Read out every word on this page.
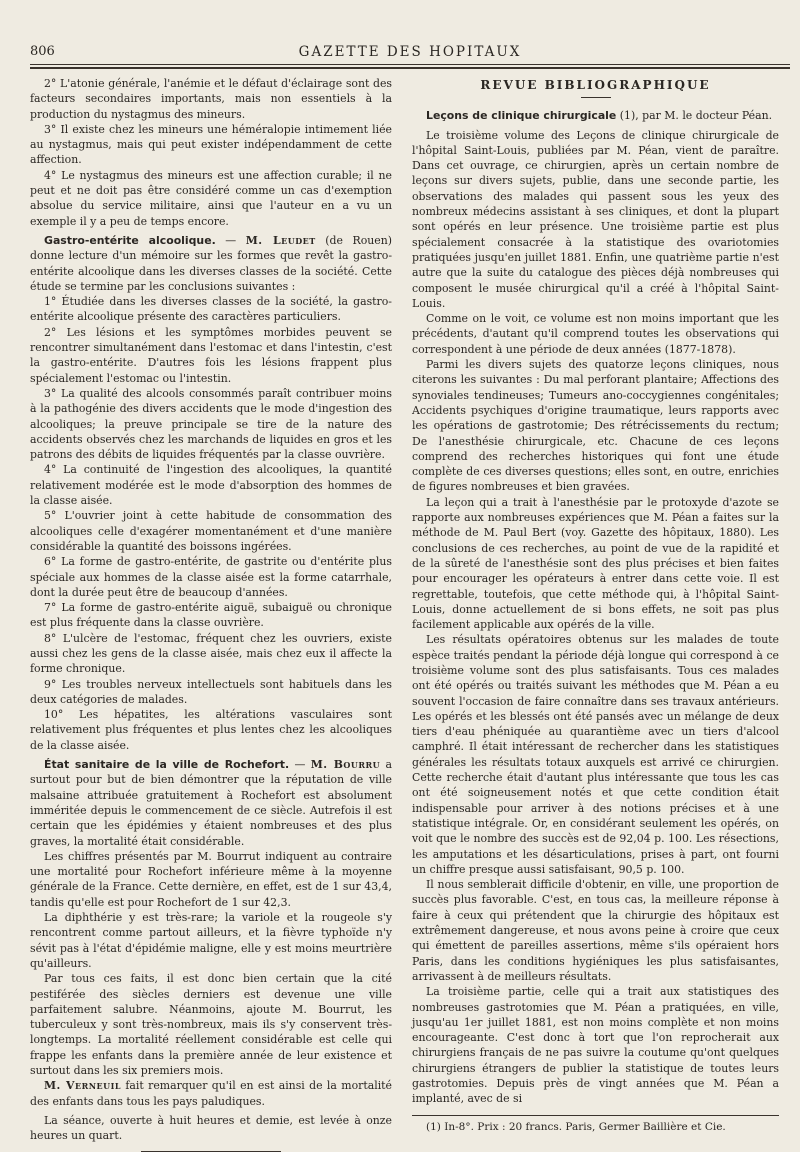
806	GAZETTE DES HOPITAUX

2° L'atonie générale, l'anémie et le défaut d'éclairage sont des facteurs secondaires importants, mais non essentiels à la production du nystagmus des mineurs.

3° Il existe chez les mineurs une héméralopie intimement liée au nystagmus, mais qui peut exister indépendamment de cette affection.

4° Le nystagmus des mineurs est une affection curable; il ne peut et ne doit pas être considéré comme un cas d'exemption absolue du service militaire, ainsi que l'auteur en a vu un exemple il y a peu de temps encore.

Gastro-entérite alcoolique. — M. Leudet (de Rouen) donne lecture d'un mémoire sur les formes que revêt la gastro-entérite alcoolique dans les diverses classes de la société. Cette étude se termine par les conclusions suivantes :

1° Étudiée dans les diverses classes de la société, la gastro-entérite alcoolique présente des caractères particuliers.

2° Les lésions et les symptômes morbides peuvent se rencontrer simultanément dans l'estomac et dans l'intestin, c'est la gastro-entérite. D'autres fois les lésions frappent plus spécialement l'estomac ou l'intestin.

3° La qualité des alcools consommés paraît contribuer moins à la pathogénie des divers accidents que le mode d'ingestion des alcooliques; la preuve principale se tire de la nature des accidents observés chez les marchands de liquides en gros et les patrons des débits de liquides fréquentés par la classe ouvrière.

4° La continuité de l'ingestion des alcooliques, la quantité relativement modérée est le mode d'absorption des hommes de la classe aisée.

5° L'ouvrier joint à cette habitude de consommation des alcooliques celle d'exagérer momentanément et d'une manière considérable la quantité des boissons ingérées.

6° La forme de gastro-entérite, de gastrite ou d'entérite plus spéciale aux hommes de la classe aisée est la forme catarrhale, dont la durée peut être de beaucoup d'années.

7° La forme de gastro-entérite aiguë, subaiguë ou chronique est plus fréquente dans la classe ouvrière.

8° L'ulcère de l'estomac, fréquent chez les ouvriers, existe aussi chez les gens de la classe aisée, mais chez eux il affecte la forme chronique.

9° Les troubles nerveux intellectuels sont habituels dans les deux catégories de malades.

10° Les hépatites, les altérations vasculaires sont relativement plus fréquentes et plus lentes chez les alcooliques de la classe aisée.

État sanitaire de la ville de Rochefort. — M. Bourru a surtout pour but de bien démontrer que la réputation de ville malsaine attribuée gratuitement à Rochefort est absolument imméritée depuis le commencement de ce siècle. Autrefois il est certain que les épidémies y étaient nombreuses et des plus graves, la mortalité était considérable.

Les chiffres présentés par M. Bourrut indiquent au contraire une mortalité pour Rochefort inférieure même à la moyenne générale de la France. Cette dernière, en effet, est de 1 sur 43,4, tandis qu'elle est pour Rochefort de 1 sur 42,3.

La diphthérie y est très-rare; la variole et la rougeole s'y rencontrent comme partout ailleurs, et la fièvre typhoïde n'y sévit pas à l'état d'épidémie maligne, elle y est moins meurtrière qu'ailleurs.

Par tous ces faits, il est donc bien certain que la cité pestiférée des siècles derniers est devenue une ville parfaitement salubre. Néanmoins, ajoute M. Bourrut, les tuberculeux y sont très-nombreux, mais ils s'y conservent très-longtemps. La mortalité réellement considérable est celle qui frappe les enfants dans la première année de leur existence et surtout dans les six premiers mois.

M. Verneuil fait remarquer qu'il en est ainsi de la mortalité des enfants dans tous les pays paludiques.

La séance, ouverte à huit heures et demie, est levée à onze heures un quart.

REVUE BIBLIOGRAPHIQUE

Leçons de clinique chirurgicale (1), par M. le docteur Péan.

Le troisième volume des Leçons de clinique chirurgicale de l'hôpital Saint-Louis, publiées par M. Péan, vient de paraître. Dans cet ouvrage, ce chirurgien, après un certain nombre de leçons sur divers sujets, publie, dans une seconde partie, les observations des malades qui passent sous les yeux des nombreux médecins assistant à ses cliniques, et dont la plupart sont opérés en leur présence. Une troisième partie est plus spécialement consacrée à la statistique des ovariotomies pratiquées jusqu'en juillet 1881. Enfin, une quatrième partie n'est autre que la suite du catalogue des pièces déjà nombreuses qui composent le musée chirurgical qu'il a créé à l'hôpital Saint-Louis.

Comme on le voit, ce volume est non moins important que les précédents, d'autant qu'il comprend toutes les observations qui correspondent à une période de deux années (1877-1878).

Parmi les divers sujets des quatorze leçons cliniques, nous citerons les suivantes : Du mal perforant plantaire; Affections des synoviales tendineuses; Tumeurs ano-coccygiennes congénitales; Accidents psychiques d'origine traumatique, leurs rapports avec les opérations de gastrotomie; Des rétrécissements du rectum; De l'anesthésie chirurgicale, etc. Chacune de ces leçons comprend des recherches historiques qui font une étude complète de ces diverses questions; elles sont, en outre, enrichies de figures nombreuses et bien gravées.

La leçon qui a trait à l'anesthésie par le protoxyde d'azote se rapporte aux nombreuses expériences que M. Péan a faites sur la méthode de M. Paul Bert (voy. Gazette des hôpitaux, 1880). Les conclusions de ces recherches, au point de vue de la rapidité et de la sûreté de l'anesthésie sont des plus précises et bien faites pour encourager les opérateurs à entrer dans cette voie. Il est regrettable, toutefois, que cette méthode qui, à l'hôpital Saint-Louis, donne actuellement de si bons effets, ne soit pas plus facilement applicable aux opérés de la ville.

Les résultats opératoires obtenus sur les malades de toute espèce traités pendant la période déjà longue qui correspond à ce troisième volume sont des plus satisfaisants. Tous ces malades ont été opérés ou traités suivant les méthodes que M. Péan a eu souvent l'occasion de faire connaître dans ses travaux antérieurs. Les opérés et les blessés ont été pansés avec un mélange de deux tiers d'eau phéniquée au quarantième avec un tiers d'alcool camphré. Il était intéressant de rechercher dans les statistiques générales les résultats totaux auxquels est arrivé ce chirurgien. Cette recherche était d'autant plus intéressante que tous les cas ont été soigneusement notés et que cette condition était indispensable pour arriver à des notions précises et à une statistique intégrale. Or, en considérant seulement les opérés, on voit que le nombre des succès est de 92,04 p. 100. Les résections, les amputations et les désarticulations, prises à part, ont fourni un chiffre presque aussi satisfaisant, 90,5 p. 100.

Il nous semblerait difficile d'obtenir, en ville, une proportion de succès plus favorable. C'est, en tous cas, la meilleure réponse à faire à ceux qui prétendent que la chirurgie des hôpitaux est extrêmement dangereuse, et nous avons peine à croire que ceux qui émettent de pareilles assertions, même s'ils opéraient hors Paris, dans les conditions hygiéniques les plus satisfaisantes, arrivassent à de meilleurs résultats.

La troisième partie, celle qui a trait aux statistiques des nombreuses gastrotomies que M. Péan a pratiquées, en ville, jusqu'au 1er juillet 1881, est non moins complète et non moins encourageante. C'est donc à tort que l'on reprocherait aux chirurgiens français de ne pas suivre la coutume qu'ont quelques chirurgiens étrangers de publier la statistique de toutes leurs gastrotomies. Depuis près de vingt années que M. Péan a implanté, avec de si

(1) In-8°. Prix : 20 francs. Paris, Germer Baillière et Cie.
